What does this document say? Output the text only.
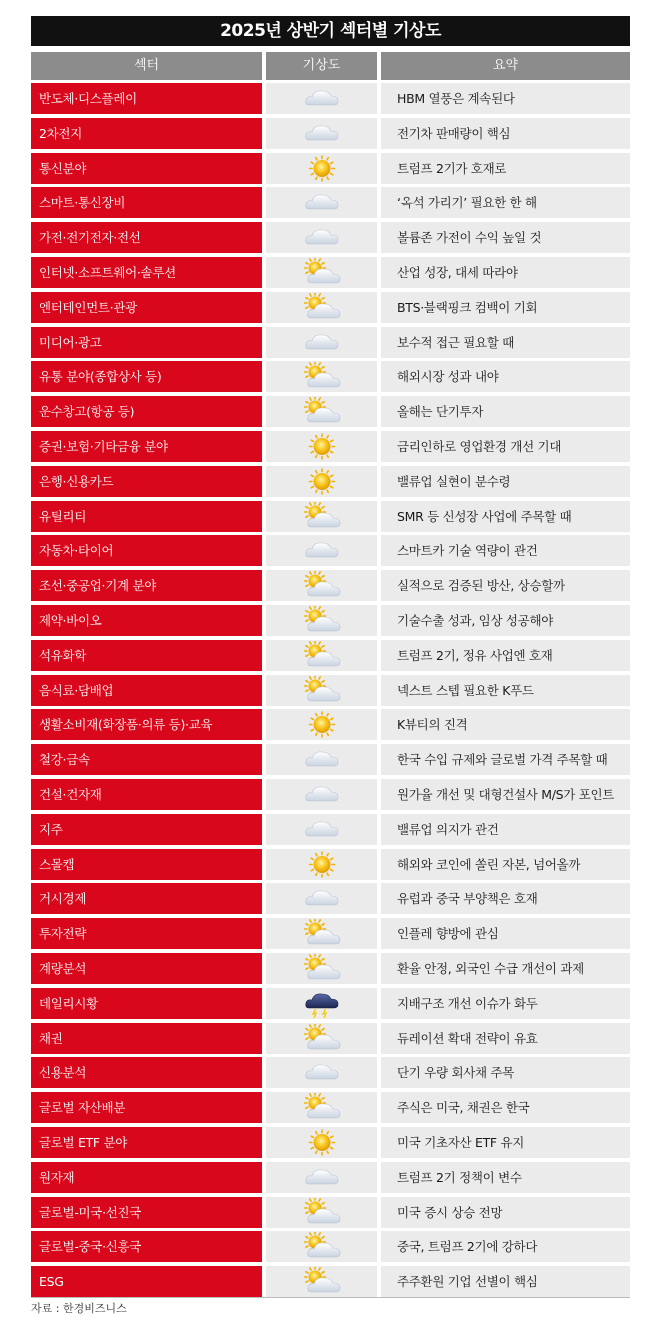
2025년 상반기 섹터별 기상도
섹터	기상도	요약
반도체·디스플레이	HBM 열풍은 계속된다
2차전지	전기차 판매량이 핵심
통신분야	트럼프 2기가 호재로
스마트·통신장비	‘옥석 가리기’ 필요한 한 해
가전·전기전자·전선	볼륨존 가전이 수익 높일 것
인터넷·소프트웨어·솔루션	산업 성장, 대세 따라야
엔터테인먼트·관광	BTS·블랙핑크 컴백이 기회
미디어·광고	보수적 접근 필요할 때
유통 분야(종합상사 등)	해외시장 성과 내야
운수창고(항공 등)	올해는 단기투자
증권·보험·기타금융 분야	금리인하로 영업환경 개선 기대
은행·신용카드	밸류업 실현이 분수령
유틸리티	SMR 등 신성장 사업에 주목할 때
자동차·타이어	스마트카 기술 역량이 관건
조선·중공업·기계 분야	실적으로 검증된 방산, 상승할까
제약·바이오	기술수출 성과, 임상 성공해야
석유화학	트럼프 2기, 정유 사업엔 호재
음식료·담배업	넥스트 스텝 필요한 K푸드
생활소비재(화장품·의류 등)·교육	K뷰티의 진격
철강·금속	한국 수입 규제와 글로벌 가격 주목할 때
건설·건자재	원가율 개선 및 대형건설사 M/S가 포인트
지주	밸류업 의지가 관건
스몰캡	해외와 코인에 쏠린 자본, 넘어올까
거시경제	유럽과 중국 부양책은 호재
투자전략	인플레 향방에 관심
계량분석	환율 안정, 외국인 수급 개선이 과제
데일리시황	지배구조 개선 이슈가 화두
채권	듀레이션 확대 전략이 유효
신용분석	단기 우량 회사채 주목
글로벌 자산배분	주식은 미국, 채권은 한국
글로벌 ETF 분야	미국 기초자산 ETF 유지
원자재	트럼프 2기 정책이 변수
글로벌-미국·선진국	미국 증시 상승 전망
글로벌-중국·신흥국	중국, 트럼프 2기에 강하다
ESG	주주환원 기업 선별이 핵심
자료 : 한경비즈니스
